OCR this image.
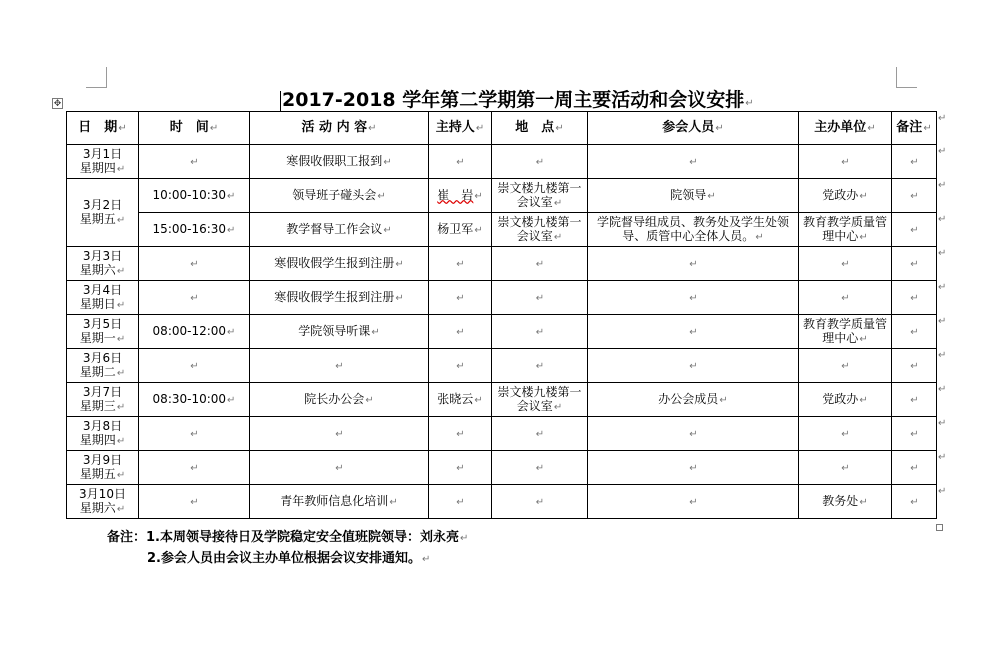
✥	2017-2018 学年第二学期第一周主要活动和会议安排↵
日　期↵	时　间↵	活 动 内 容↵	主持人↵	地　点↵	参会人员↵	主办单位↵	备注↵
3月1日
星期四↵	↵	寒假收假职工报到↵	↵	↵	↵	↵	↵
3月2日
星期五↵	10:00-10:30↵	领导班子碰头会↵	崔　岩↵	崇文楼九楼第一会议室↵	院领导↵	党政办↵	↵
	15:00-16:30↵	教学督导工作会议↵	杨卫军↵	崇文楼九楼第一会议室↵	学院督导组成员、教务处及学生处领导、质管中心全体人员。↵	教育教学质量管理中心↵	↵
3月3日
星期六↵	↵	寒假收假学生报到注册↵	↵	↵	↵	↵	↵
3月4日
星期日↵	↵	寒假收假学生报到注册↵	↵	↵	↵	↵	↵
3月5日
星期一↵	08:00-12:00↵	学院领导听课↵	↵	↵	↵	教育教学质量管理中心↵	↵
3月6日
星期二↵	↵	↵	↵	↵	↵	↵	↵
3月7日
星期三↵	08:30-10:00↵	院长办公会↵	张晓云↵	崇文楼九楼第一会议室↵	办公会成员↵	党政办↵	↵
3月8日
星期四↵	↵	↵	↵	↵	↵	↵	↵
3月9日
星期五↵	↵	↵	↵	↵	↵	↵	↵
3月10日
星期六↵	↵	青年教师信息化培训↵	↵	↵	↵	教务处↵	↵
备注：1.本周领导接待日及学院稳定安全值班院领导：刘永亮↵
2.参会人员由会议主办单位根据会议安排通知。↵
↵
↵
↵
↵
↵
↵
↵
↵
↵
↵
↵
↵
